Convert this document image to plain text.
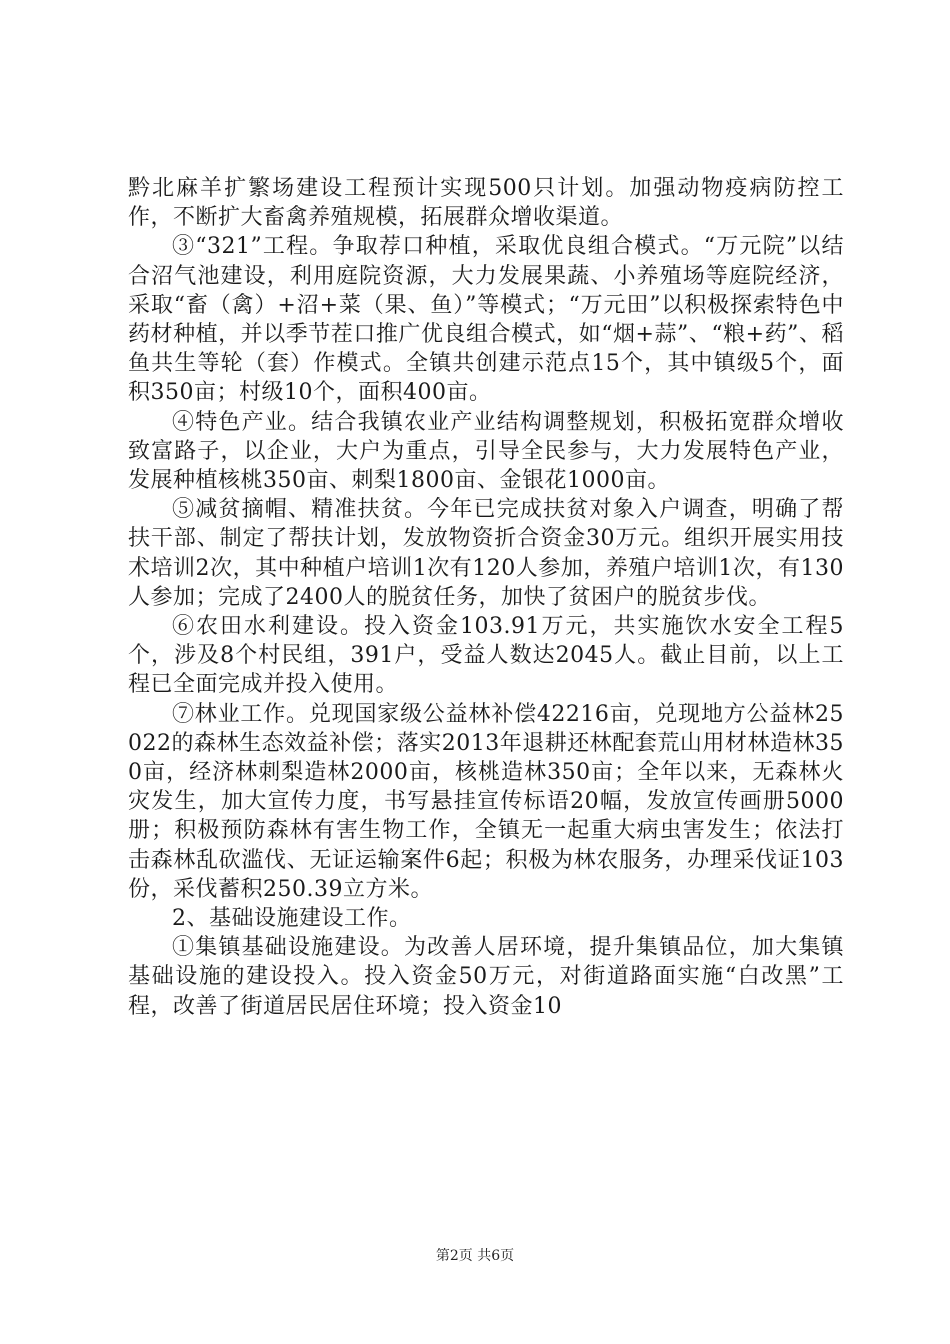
黔北麻羊扩繁场建设工程预计实现500只计划。加强动物疫病防控工作，不断扩大畜禽养殖规模，拓展群众增收渠道。

③“321”工程。争取荐口种植，采取优良组合模式。“万元院”以结合沼气池建设，利用庭院资源，大力发展果蔬、小养殖场等庭院经济，采取“畜（禽）+沼+菜（果、鱼）”等模式；“万元田”以积极探索特色中药材种植，并以季节茬口推广优良组合模式，如“烟+蒜”、“粮+药”、稻鱼共生等轮（套）作模式。全镇共创建示范点15个，其中镇级5个，面积350亩；村级10个，面积400亩。

④特色产业。结合我镇农业产业结构调整规划，积极拓宽群众增收致富路子，以企业，大户为重点，引导全民参与，大力发展特色产业，发展种植核桃350亩、刺梨1800亩、金银花1000亩。

⑤减贫摘帽、精准扶贫。今年已完成扶贫对象入户调查，明确了帮扶干部、制定了帮扶计划，发放物资折合资金30万元。组织开展实用技术培训2次，其中种植户培训1次有120人参加，养殖户培训1次，有130人参加；完成了2400人的脱贫任务，加快了贫困户的脱贫步伐。

⑥农田水利建设。投入资金103.91万元，共实施饮水安全工程5个，涉及8个村民组，391户，受益人数达2045人。截止目前，以上工程已全面完成并投入使用。

⑦林业工作。兑现国家级公益林补偿42216亩，兑现地方公益林25022的森林生态效益补偿；落实2013年退耕还林配套荒山用材林造林350亩，经济林刺梨造林2000亩，核桃造林350亩；全年以来，无森林火灾发生，加大宣传力度，书写悬挂宣传标语20幅，发放宣传画册5000册；积极预防森林有害生物工作，全镇无一起重大病虫害发生；依法打击森林乱砍滥伐、无证运输案件6起；积极为林农服务，办理采伐证103份，采伐蓄积250.39立方米。

2、基础设施建设工作。

①集镇基础设施建设。为改善人居环境，提升集镇品位，加大集镇基础设施的建设投入。投入资金50万元，对街道路面实施“白改黑”工程，改善了街道居民居住环境；投入资金10

第2页 共6页
